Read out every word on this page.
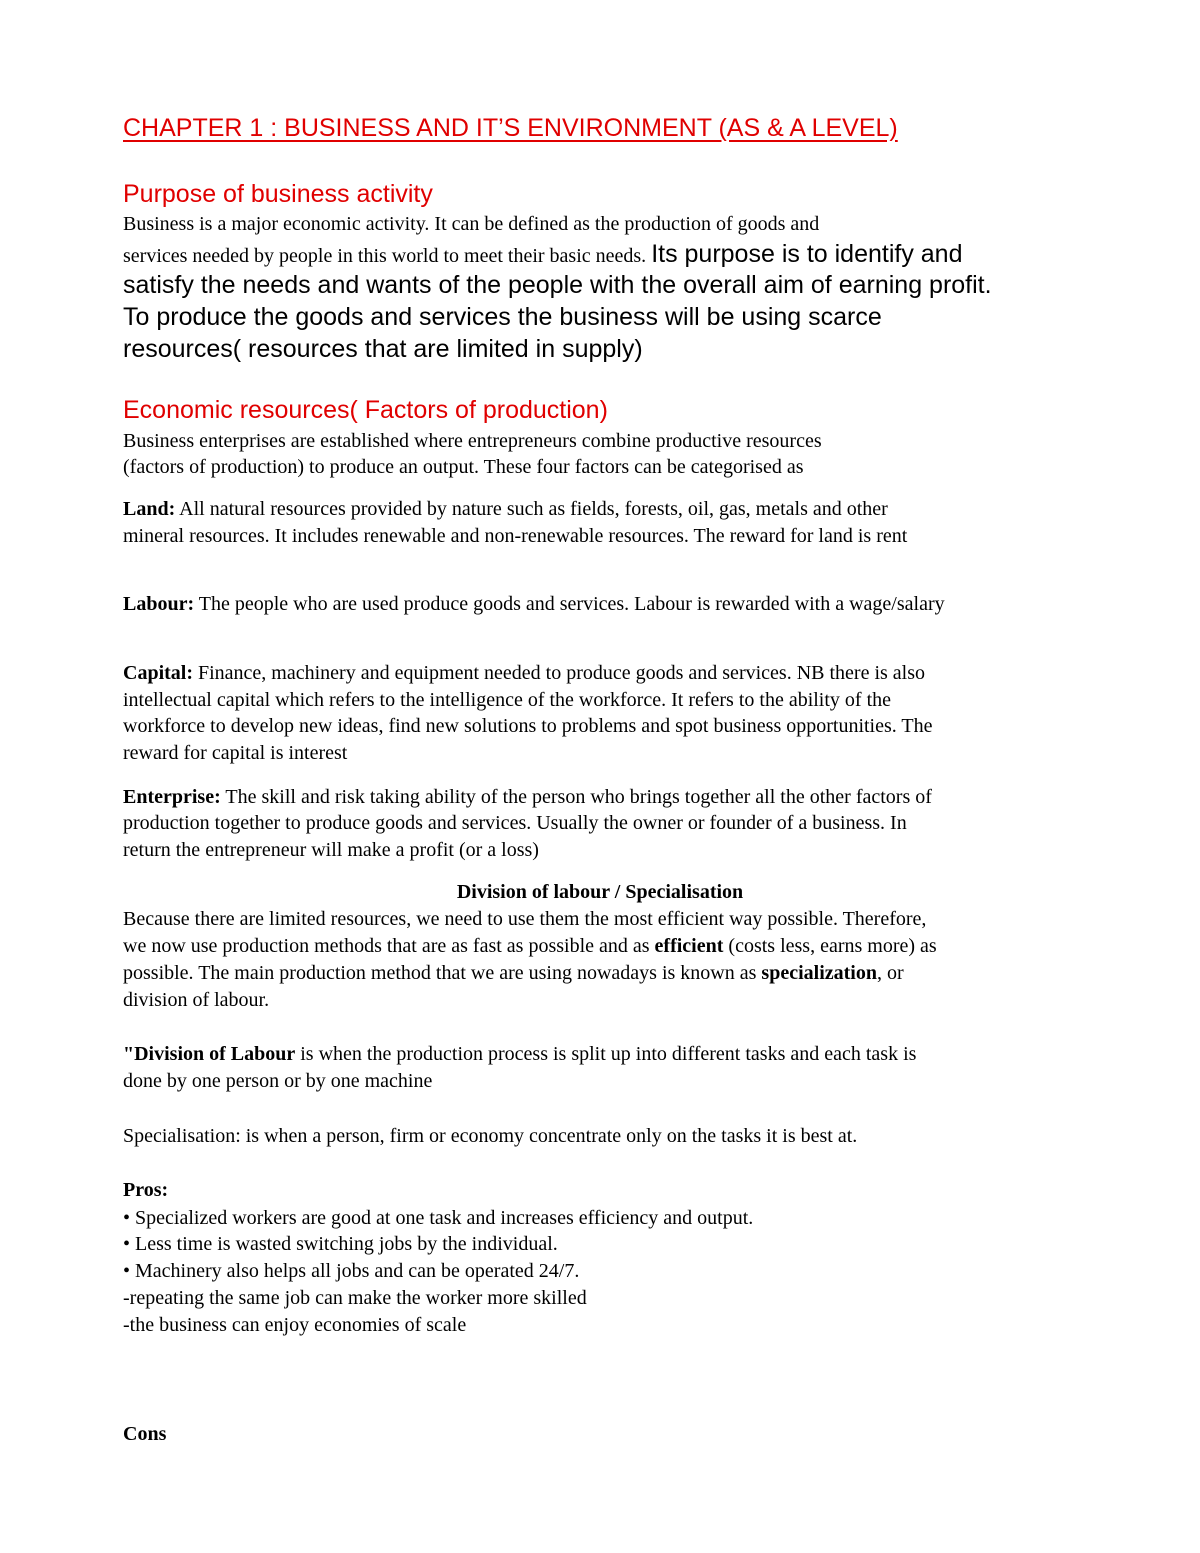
CHAPTER 1 : BUSINESS AND IT’S ENVIRONMENT (AS & A LEVEL)
Purpose of business activity
Business is a major economic activity. It can be defined as the production of goods and
services needed by people in this world to meet their basic needs. Its purpose is to identify and
satisfy the needs and wants of the people with the overall aim of earning profit.
To produce the goods and services the business will be using scarce
resources( resources that are limited in supply)
Economic resources( Factors of production)
Business enterprises are established where entrepreneurs combine productive resources
(factors of production) to produce an output. These four factors can be categorised as
Land: All natural resources provided by nature such as fields, forests, oil, gas, metals and other
mineral resources. It includes renewable and non-renewable resources. The reward for land is rent
Labour: The people who are used produce goods and services. Labour is rewarded with a wage/salary
Capital: Finance, machinery and equipment needed to produce goods and services. NB there is also
intellectual capital which refers to the intelligence of the workforce. It refers to the ability of the
workforce to develop new ideas, find new solutions to problems and spot business opportunities. The
reward for capital is interest
Enterprise: The skill and risk taking ability of the person who brings together all the other factors of
production together to produce goods and services. Usually the owner or founder of a business. In
return the entrepreneur will make a profit (or a loss)
Division of labour / Specialisation
Because there are limited resources, we need to use them the most efficient way possible. Therefore,
we now use production methods that are as fast as possible and as efficient (costs less, earns more) as
possible. The main production method that we are using nowadays is known as specialization, or
division of labour.
"Division of Labour is when the production process is split up into different tasks and each task is
done by one person or by one machine
Specialisation: is when a person, firm or economy concentrate only on the tasks it is best at.
Pros:
• Specialized workers are good at one task and increases efficiency and output.
• Less time is wasted switching jobs by the individual.
• Machinery also helps all jobs and can be operated 24/7.
-repeating the same job can make the worker more skilled
-the business can enjoy economies of scale
Cons
